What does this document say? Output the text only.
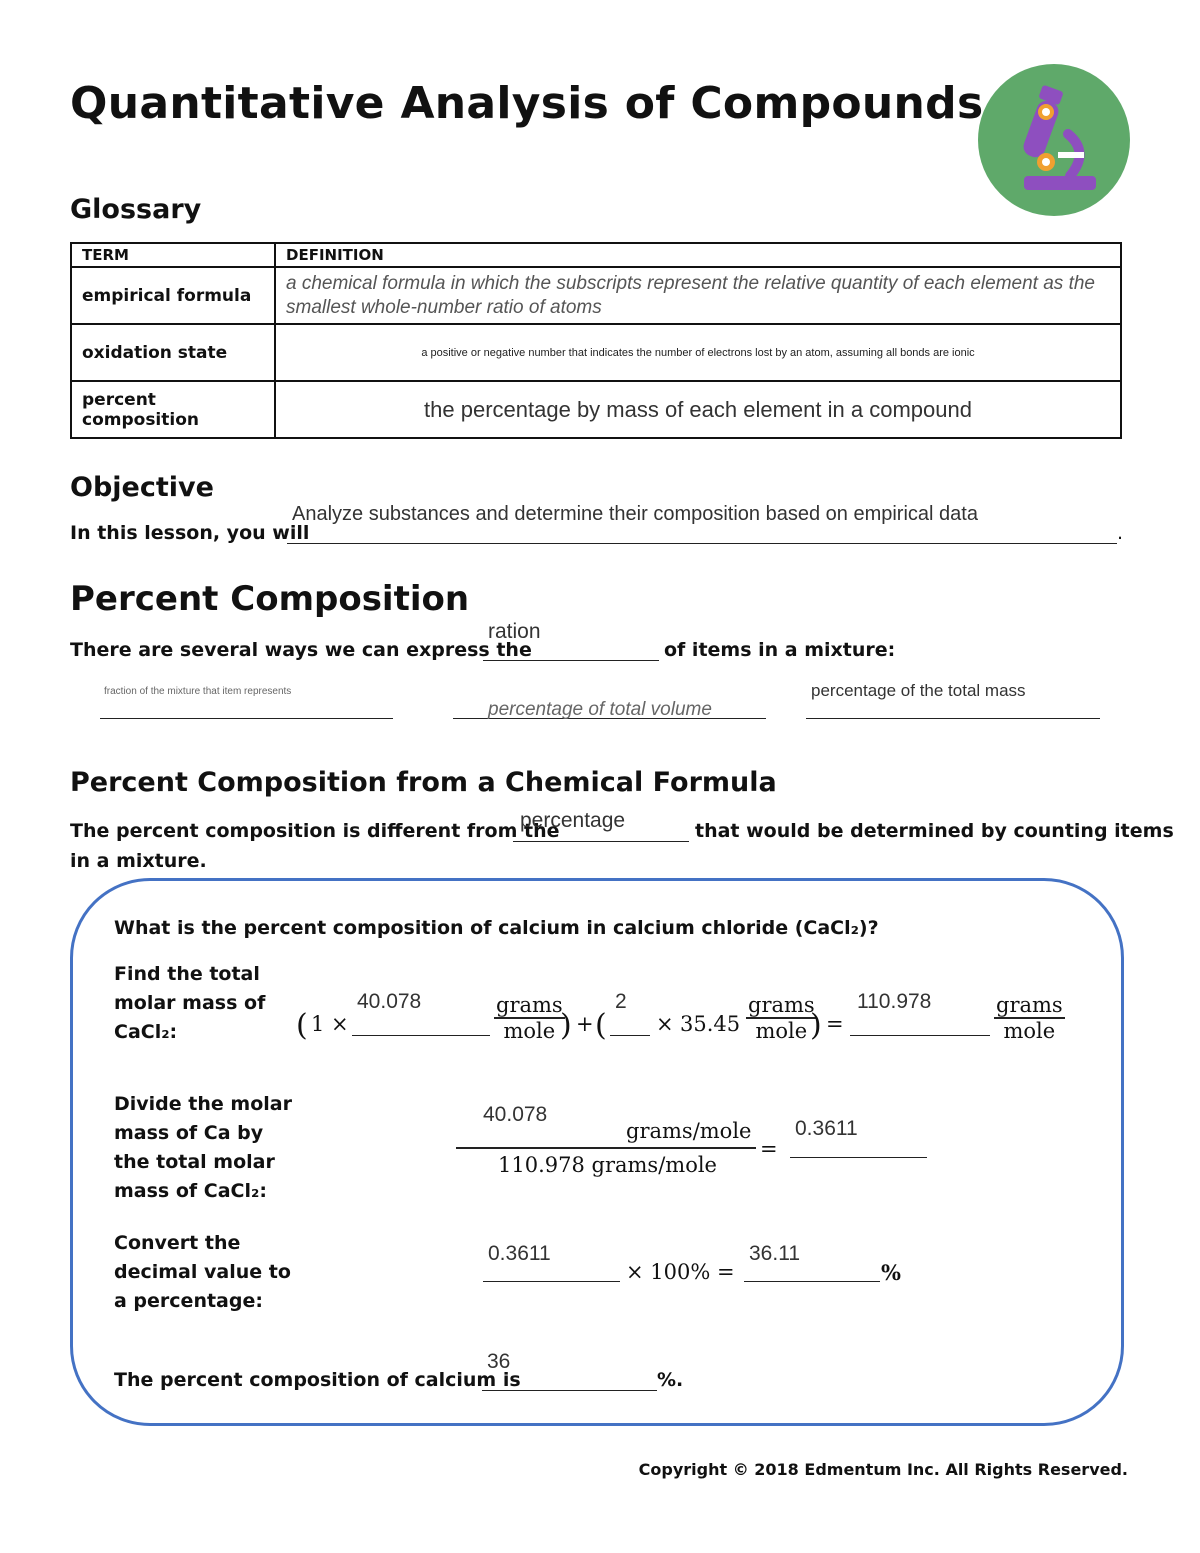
Quantitative Analysis of Compounds
Glossary
TERM	DEFINITION
empirical formula	a chemical formula in which the subscripts represent the relative quantity of each element as the smallest whole-number ratio of atoms
oxidation state	a positive or negative number that indicates the number of electrons lost by an atom, assuming all bonds are ionic
percent composition	the percentage by mass of each element in a compound
Objective
In this lesson, you will
Analyze substances and determine their composition based on empirical data
.
Percent Composition
There are several ways we can express the
ration
of items in a mixture:
fraction of the mixture that item represents
percentage of total volume
percentage of the total mass
Percent Composition from a Chemical Formula
The percent composition is different from the
percentage	that would be determined by counting items
in a mixture.
What is the percent composition of calcium in calcium chloride (CaCl₂)?
Find the total
molar mass of
CaCl₂:	( 1 ×
40.078	grams
mole ) + (
2
× 35.45
grams
mole ) =
110.978	grams
mole
Divide the molar
mass of Ca by
the total molar
mass of CaCl₂:
40.078
grams/mole
110.978 grams/mole
=
0.3611
Convert the
decimal value to
a percentage:
0.3611
× 100% =
36.11
%
The percent composition of calcium is
36
%.
Copyright © 2018 Edmentum Inc. All Rights Reserved.
